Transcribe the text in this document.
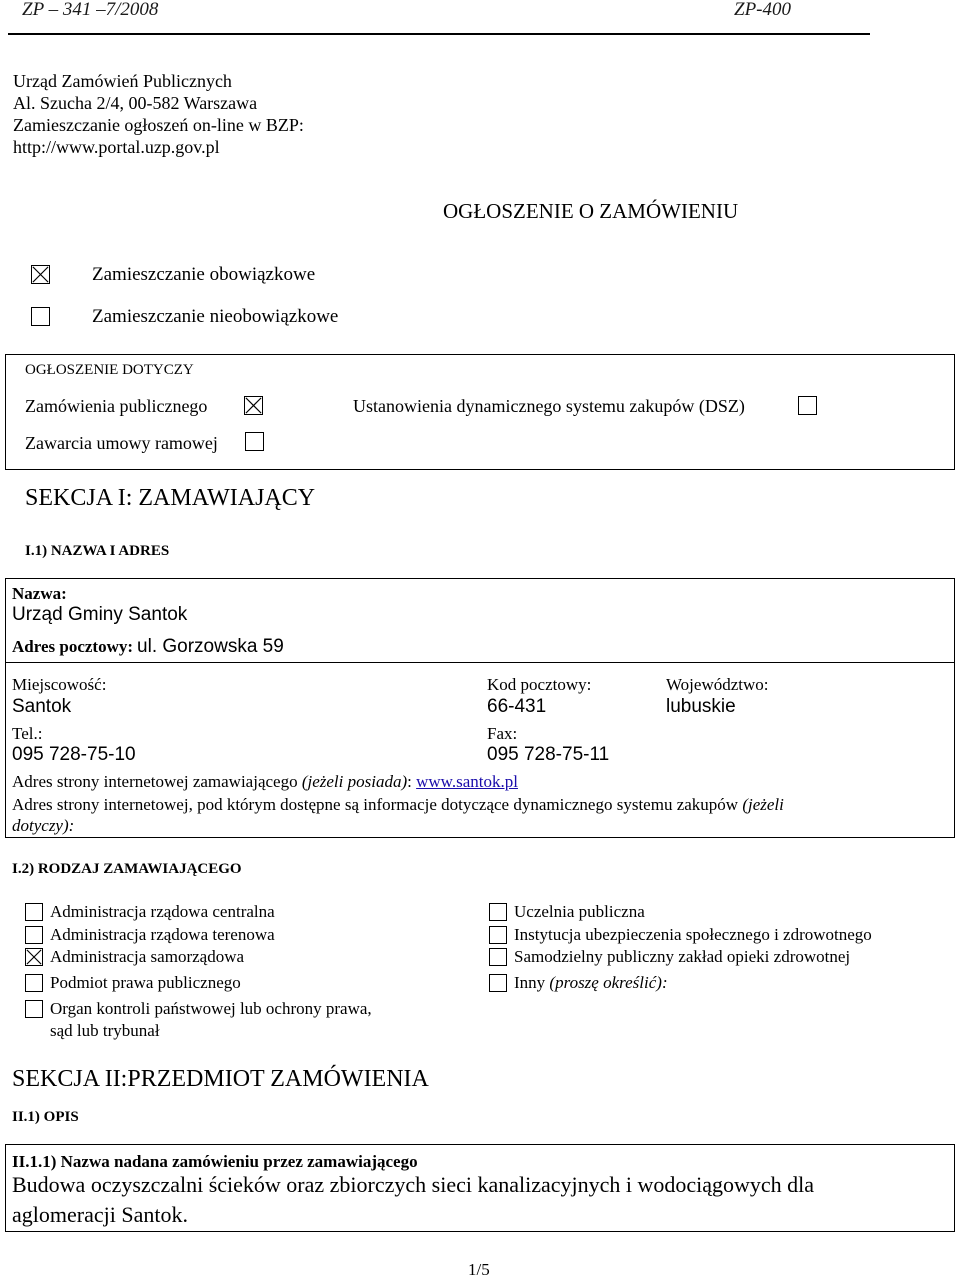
ZP – 341 –7/2008	ZP-400
Urząd Zamówień Publicznych
Al. Szucha 2/4, 00-582 Warszawa
Zamieszczanie ogłoszeń on-line w BZP:
http://www.portal.uzp.gov.pl
OGŁOSZENIE O ZAMÓWIENIU
Zamieszczanie obowiązkowe
Zamieszczanie nieobowiązkowe
OGŁOSZENIE DOTYCZY
Zamówienia publicznego	Ustanowienia dynamicznego systemu zakupów (DSZ)
Zawarcia umowy ramowej
SEKCJA I: ZAMAWIAJĄCY
I.1) NAZWA I ADRES
Nazwa:
Urząd Gminy Santok
Adres pocztowy: ul. Gorzowska 59
Miejscowość:
Santok
Kod pocztowy:
66-431
Województwo:
lubuskie
Tel.:
095 728-75-10
Fax:
095 728-75-11
Adres strony internetowej zamawiającego (jeżeli posiada): www.santok.pl
Adres strony internetowej, pod którym dostępne są informacje dotyczące dynamicznego systemu zakupów (jeżeli
dotyczy):
I.2) RODZAJ ZAMAWIAJĄCEGO
Administracja rządowa centralna
Administracja rządowa terenowa
Administracja samorządowa
Podmiot prawa publicznego
Organ kontroli państwowej lub ochrony prawa,
sąd lub trybunał
Uczelnia publiczna
Instytucja ubezpieczenia społecznego i zdrowotnego
Samodzielny publiczny zakład opieki zdrowotnej
Inny (proszę określić):
SEKCJA II:PRZEDMIOT ZAMÓWIENIA
II.1) OPIS
II.1.1) Nazwa nadana zamówieniu przez zamawiającego
Budowa oczyszczalni ścieków oraz zbiorczych sieci kanalizacyjnych i wodociągowych dla
aglomeracji Santok.
1/5
